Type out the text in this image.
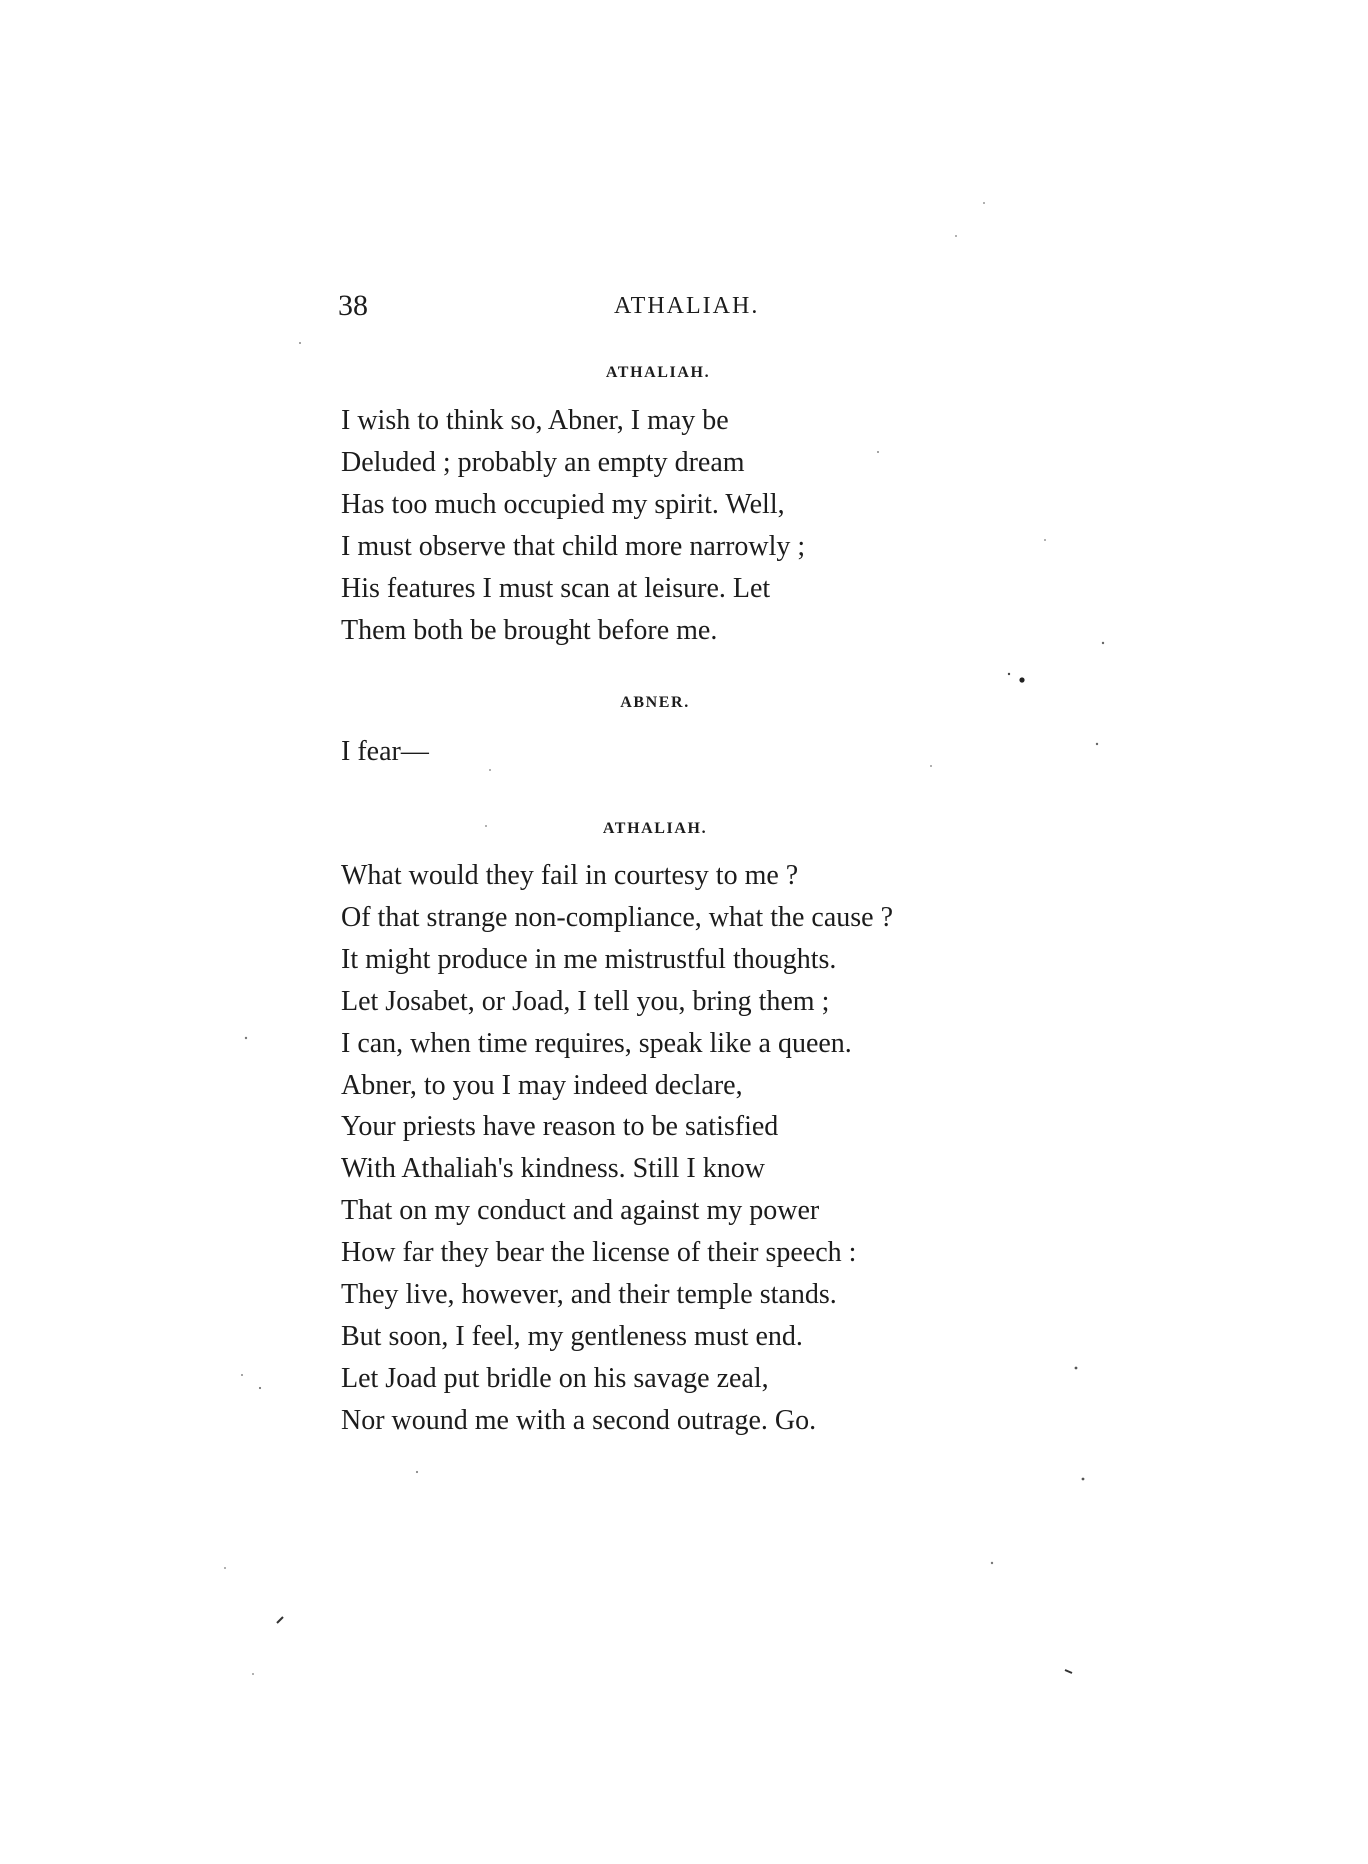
38	ATHALIAH.
ATHALIAH.
I wish to think so, Abner, I may be
Deluded ; probably an empty dream
Has too much occupied my spirit. Well,
I must observe that child more narrowly ;
His features I must scan at leisure. Let
Them both be brought before me.
ABNER.
I fear—
ATHALIAH.
What would they fail in courtesy to me ?
Of that strange non-compliance, what the cause ?
It might produce in me mistrustful thoughts.
Let Josabet, or Joad, I tell you, bring them ;
I can, when time requires, speak like a queen.
Abner, to you I may indeed declare,
Your priests have reason to be satisfied
With Athaliah's kindness. Still I know
That on my conduct and against my power
How far they bear the license of their speech :
They live, however, and their temple stands.
But soon, I feel, my gentleness must end.
Let Joad put bridle on his savage zeal,
Nor wound me with a second outrage. Go.
